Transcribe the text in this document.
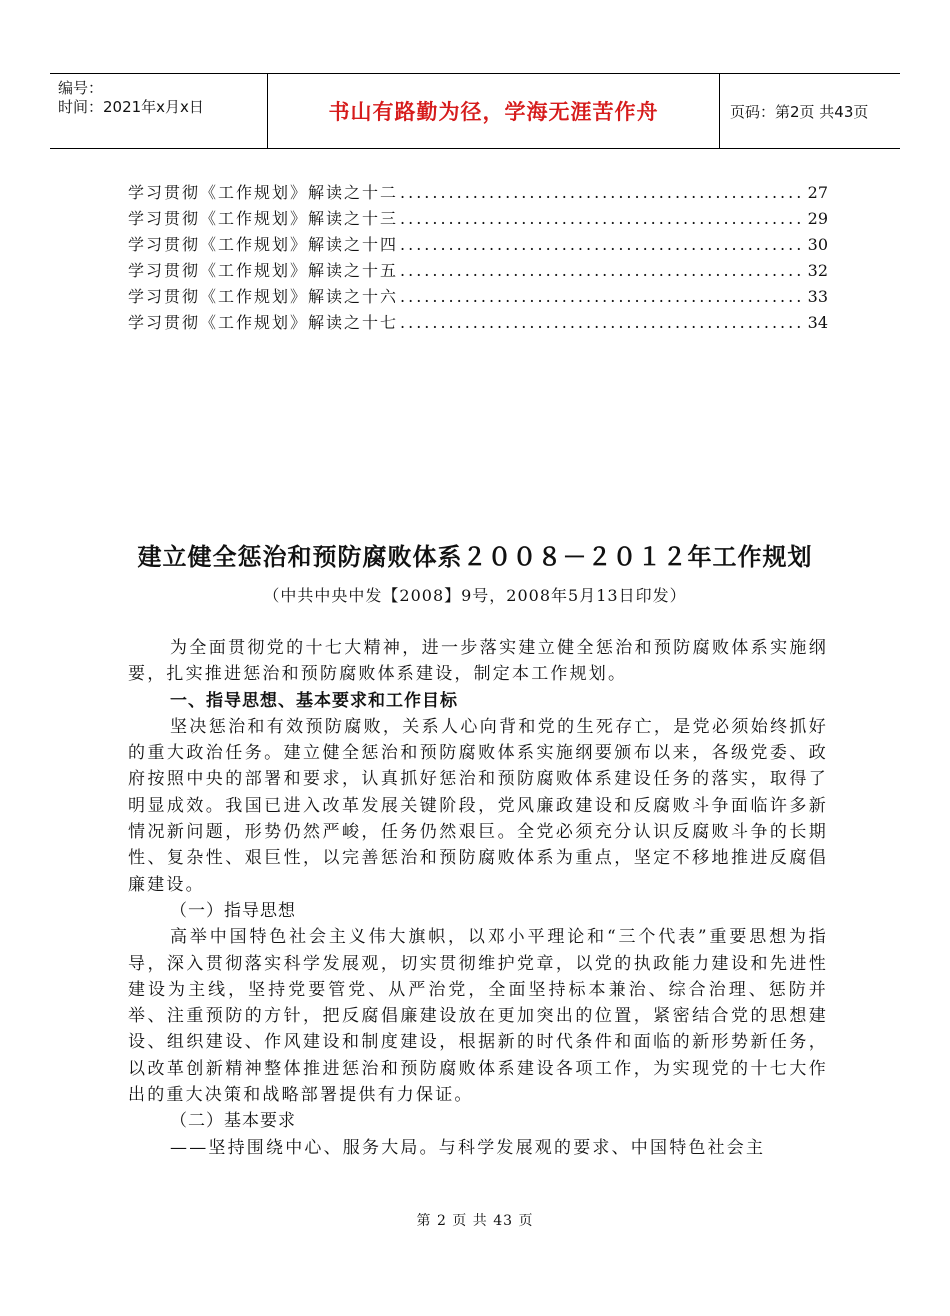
编号：
时间：2021年x月x日	书山有路勤为径，学海无涯苦作舟	页码：第2页 共43页
学习贯彻《工作规划》解读之十二 .....	27
学习贯彻《工作规划》解读之十三 .....	29
学习贯彻《工作规划》解读之十四 .....	30
学习贯彻《工作规划》解读之十五 .....	32
学习贯彻《工作规划》解读之十六 .....	33
学习贯彻《工作规划》解读之十七 .....	34
建立健全惩治和预防腐败体系２００８－２０１２年工作规划
（中共中央中发【2008】9号，2008年5月13日印发）

为全面贯彻党的十七大精神，进一步落实建立健全惩治和预防腐败体系实施纲要，扎实推进惩治和预防腐败体系建设，制定本工作规划。

一、指导思想、基本要求和工作目标

坚决惩治和有效预防腐败，关系人心向背和党的生死存亡，是党必须始终抓好的重大政治任务。建立健全惩治和预防腐败体系实施纲要颁布以来，各级党委、政府按照中央的部署和要求，认真抓好惩治和预防腐败体系建设任务的落实，取得了明显成效。我国已进入改革发展关键阶段，党风廉政建设和反腐败斗争面临许多新情况新问题，形势仍然严峻，任务仍然艰巨。全党必须充分认识反腐败斗争的长期性、复杂性、艰巨性，以完善惩治和预防腐败体系为重点，坚定不移地推进反腐倡廉建设。

（一）指导思想

高举中国特色社会主义伟大旗帜，以邓小平理论和“三个代表”重要思想为指导，深入贯彻落实科学发展观，切实贯彻维护党章，以党的执政能力建设和先进性建设为主线，坚持党要管党、从严治党，全面坚持标本兼治、综合治理、惩防并举、注重预防的方针，把反腐倡廉建设放在更加突出的位置，紧密结合党的思想建设、组织建设、作风建设和制度建设，根据新的时代条件和面临的新形势新任务，以改革创新精神整体推进惩治和预防腐败体系建设各项工作，为实现党的十七大作出的重大决策和战略部署提供有力保证。

（二）基本要求

——坚持围绕中心、服务大局。与科学发展观的要求、中国特色社会主

第 2 页 共 43 页
